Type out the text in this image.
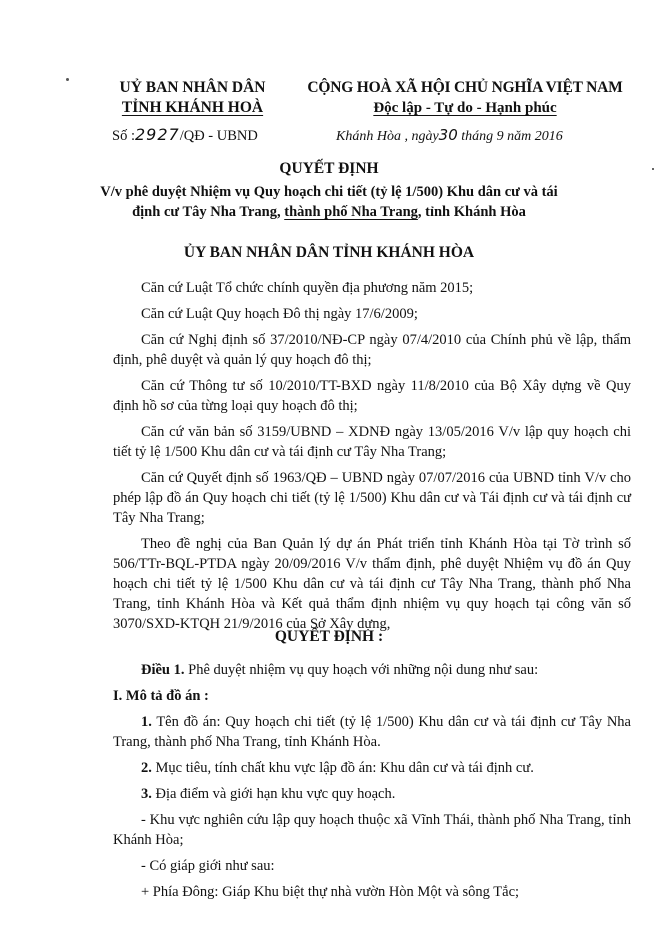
UỶ BAN NHÂN DÂN
TỈNH KHÁNH HOÀ
CỘNG HOÀ XÃ HỘI CHỦ NGHĨA VIỆT NAM
Độc lập - Tự do - Hạnh phúc
Số :2927/QĐ - UBND	Khánh Hòa , ngày30 tháng 9 năm 2016
QUYẾT ĐỊNH
V/v phê duyệt Nhiệm vụ Quy hoạch chi tiết (tỷ lệ 1/500) Khu dân cư và tái
định cư Tây Nha Trang, thành phố Nha Trang, tỉnh Khánh Hòa
ỦY BAN NHÂN DÂN TỈNH KHÁNH HÒA

Căn cứ Luật Tổ chức chính quyền địa phương năm 2015;

Căn cứ Luật Quy hoạch Đô thị ngày 17/6/2009;

Căn cứ Nghị định số 37/2010/NĐ-CP ngày 07/4/2010 của Chính phủ về lập, thẩm định, phê duyệt và quản lý quy hoạch đô thị;

Căn cứ Thông tư số 10/2010/TT-BXD ngày 11/8/2010 của Bộ Xây dựng về Quy định hồ sơ của từng loại quy hoạch đô thị;

Căn cứ văn bản số 3159/UBND – XDNĐ ngày 13/05/2016 V/v lập quy hoạch chi tiết tỷ lệ 1/500 Khu dân cư và tái định cư Tây Nha Trang;

Căn cứ Quyết định số 1963/QĐ – UBND ngày 07/07/2016 của UBND tỉnh V/v cho phép lập đồ án Quy hoạch chi tiết (tỷ lệ 1/500) Khu dân cư và Tái định cư và tái định cư Tây Nha Trang;

Theo đề nghị của Ban Quản lý dự án Phát triển tỉnh Khánh Hòa tại Tờ trình số 506/TTr-BQL-PTDA ngày 20/09/2016 V/v thẩm định, phê duyệt Nhiệm vụ đồ án Quy hoạch chi tiết tỷ lệ 1/500 Khu dân cư và tái định cư Tây Nha Trang, thành phố Nha Trang, tỉnh Khánh Hòa và Kết quả thẩm định nhiệm vụ quy hoạch tại công văn số 3070/SXD-KTQH 21/9/2016 của Sở Xây dựng,

QUYẾT ĐỊNH :

Điều 1. Phê duyệt nhiệm vụ quy hoạch với những nội dung như sau:

I. Mô tả đồ án :

1. Tên đồ án: Quy hoạch chi tiết (tỷ lệ 1/500) Khu dân cư và tái định cư Tây Nha Trang, thành phố Nha Trang, tỉnh Khánh Hòa.

2. Mục tiêu, tính chất khu vực lập đồ án: Khu dân cư và tái định cư.

3. Địa điểm và giới hạn khu vực quy hoạch.

- Khu vực nghiên cứu lập quy hoạch thuộc xã Vĩnh Thái, thành phố Nha Trang, tỉnh Khánh Hòa;

- Có giáp giới như sau:

+ Phía Đông: Giáp Khu biệt thự nhà vườn Hòn Một và sông Tắc;
